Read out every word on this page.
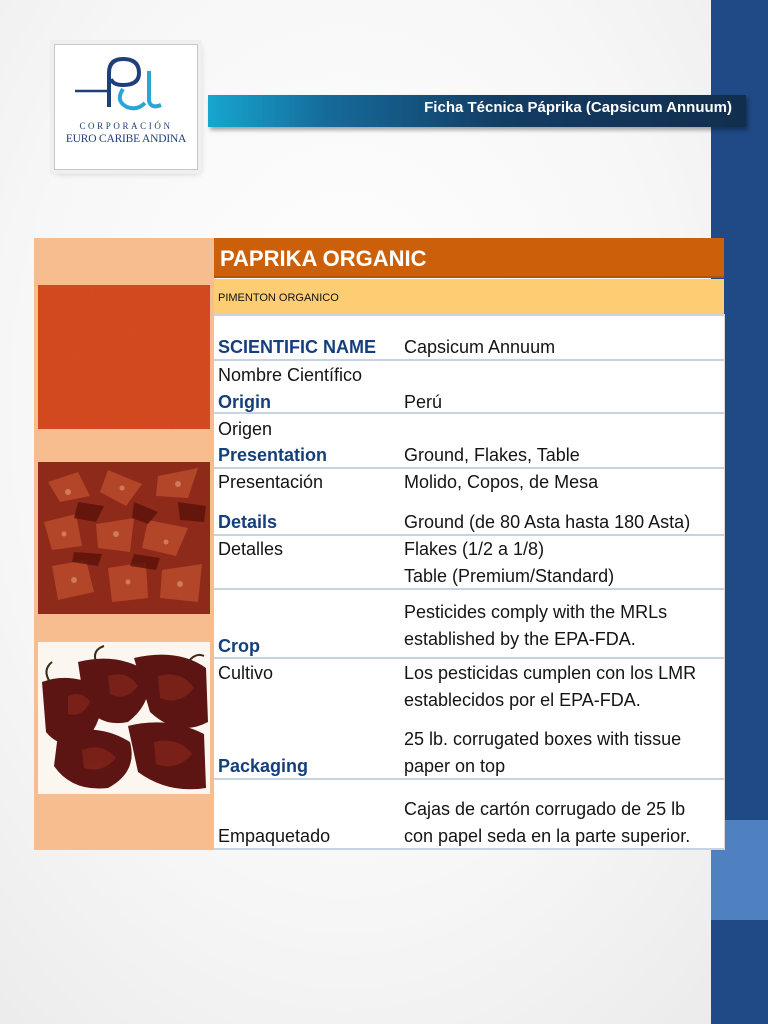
CORPORACIÓN
EURO CARIBE ANDINA
Ficha Técnica Páprika (Capsicum Annuum)
PAPRIKA ORGANIC
PIMENTON ORGANICO
SCIENTIFIC NAME
Nombre Científico
Capsicum Annuum
Origin
Origen
Perú
Presentation
Presentación
Ground, Flakes, Table
Molido, Copos, de Mesa
Details
Detalles
Ground (de 80 Asta hasta 180 Asta)
Flakes (1/2 a 1/8)
Table (Premium/Standard)
Crop
Cultivo
Pesticides comply with the MRLs
established by the EPA-FDA.
Los pesticidas cumplen con los LMR
establecidos por el EPA-FDA.
Packaging
Empaquetado
25 lb. corrugated boxes with tissue
paper on top
Cajas de cartón corrugado de 25 lb
con papel seda en la parte superior.
